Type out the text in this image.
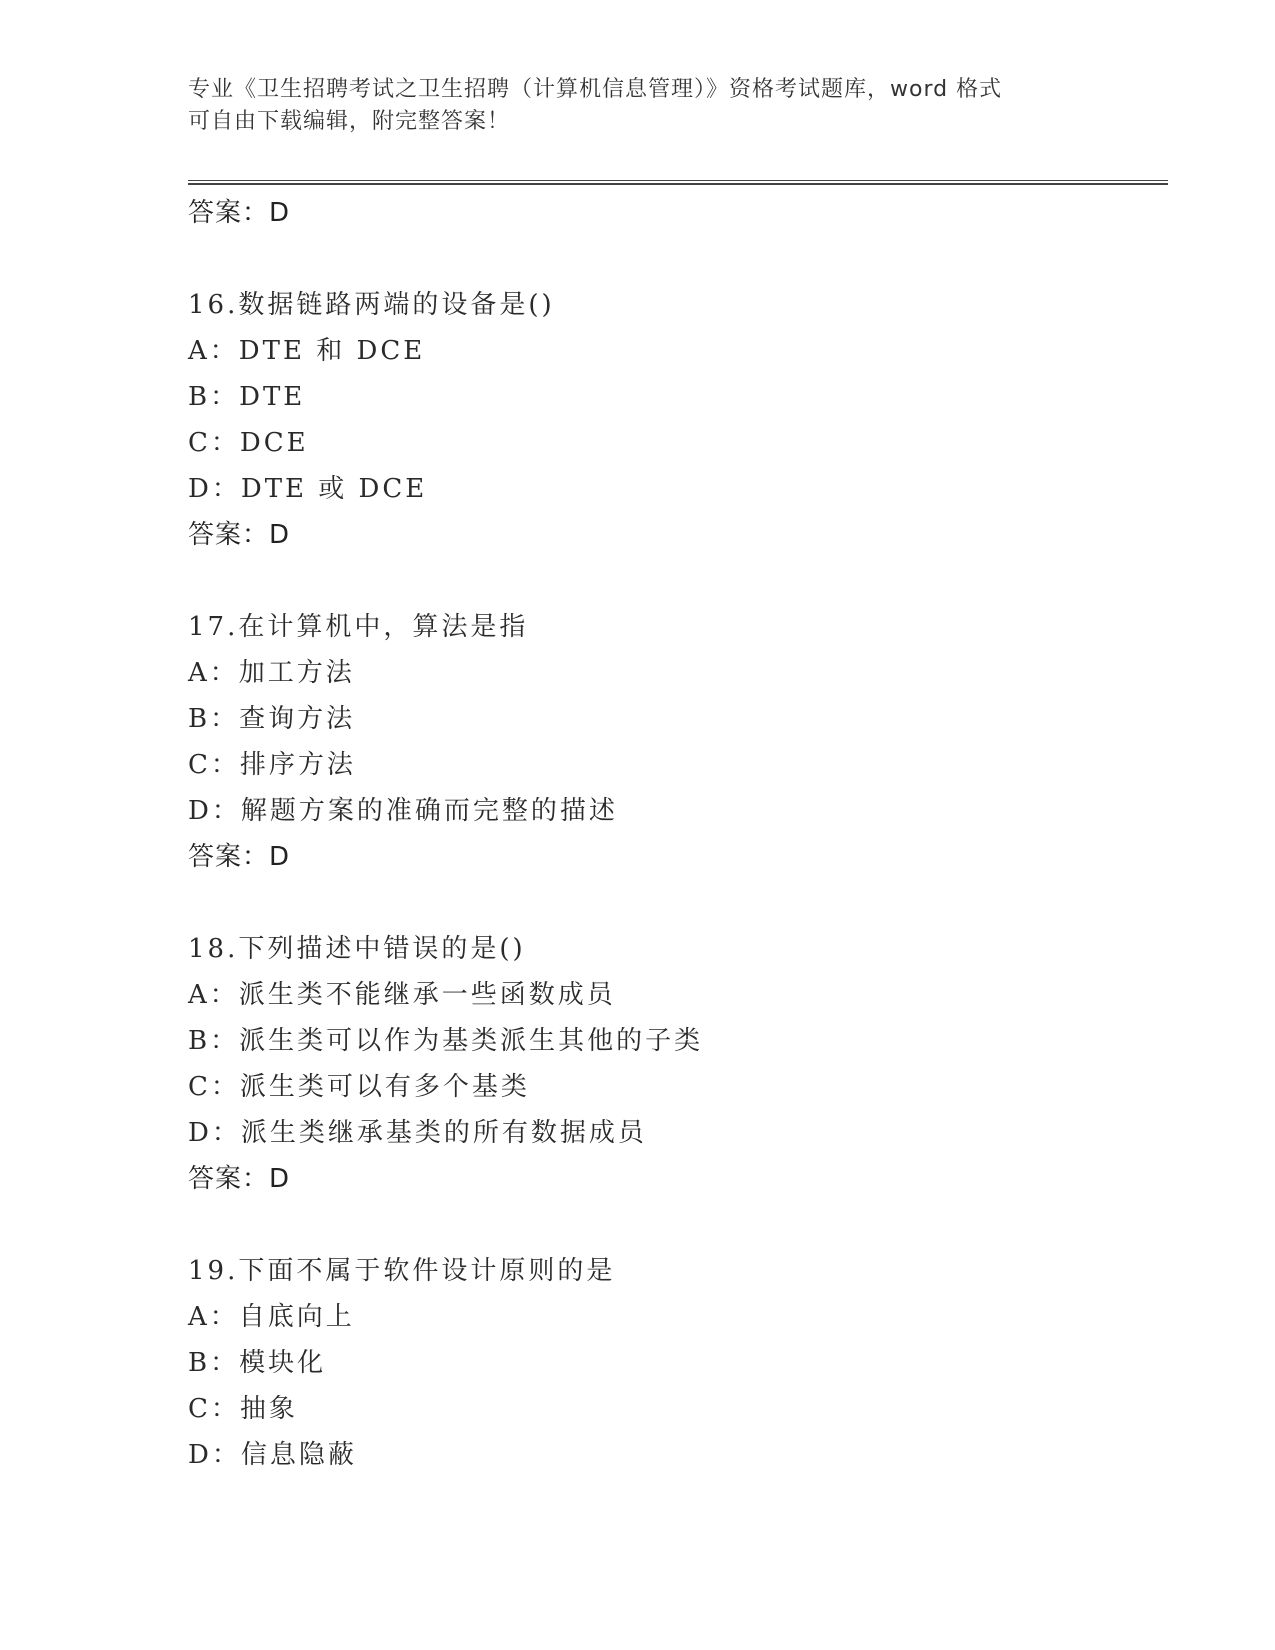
专业《卫生招聘考试之卫生招聘（计算机信息管理）》资格考试题库，word 格式
可自由下载编辑，附完整答案！
答案：D
16.数据链路两端的设备是()
A：DTE 和 DCE
B：DTE
C：DCE
D：DTE 或 DCE
答案：D
17.在计算机中，算法是指
A：加工方法
B：查询方法
C：排序方法
D：解题方案的准确而完整的描述
答案：D
18.下列描述中错误的是()
A：派生类不能继承一些函数成员
B：派生类可以作为基类派生其他的子类
C：派生类可以有多个基类
D：派生类继承基类的所有数据成员
答案：D
19.下面不属于软件设计原则的是
A：自底向上
B：模块化
C：抽象
D：信息隐蔽
